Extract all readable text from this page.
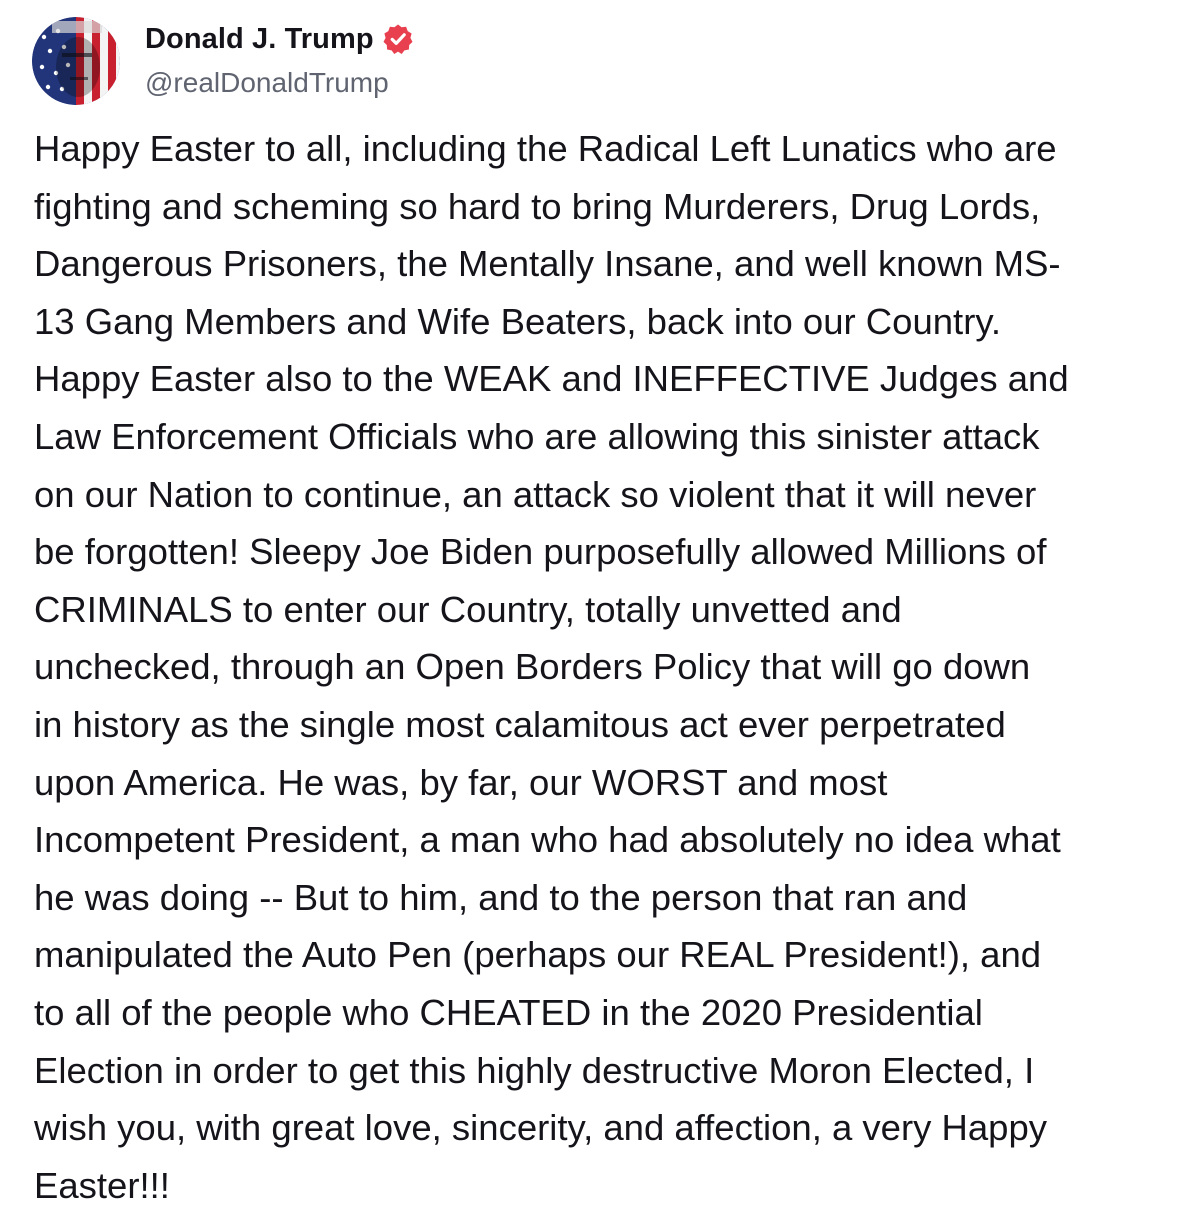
Donald J. Trump
@realDonaldTrump

Happy Easter to all, including the Radical Left Lunatics who are
fighting and scheming so hard to bring Murderers, Drug Lords,
Dangerous Prisoners, the Mentally Insane, and well known MS-
13 Gang Members and Wife Beaters, back into our Country.
Happy Easter also to the WEAK and INEFFECTIVE Judges and
Law Enforcement Officials who are allowing this sinister attack
on our Nation to continue, an attack so violent that it will never
be forgotten! Sleepy Joe Biden purposefully allowed Millions of
CRIMINALS to enter our Country, totally unvetted and
unchecked, through an Open Borders Policy that will go down
in history as the single most calamitous act ever perpetrated
upon America. He was, by far, our WORST and most
Incompetent President, a man who had absolutely no idea what
he was doing -- But to him, and to the person that ran and
manipulated the Auto Pen (perhaps our REAL President!), and
to all of the people who CHEATED in the 2020 Presidential
Election in order to get this highly destructive Moron Elected, I
wish you, with great love, sincerity, and affection, a very Happy
Easter!!!
